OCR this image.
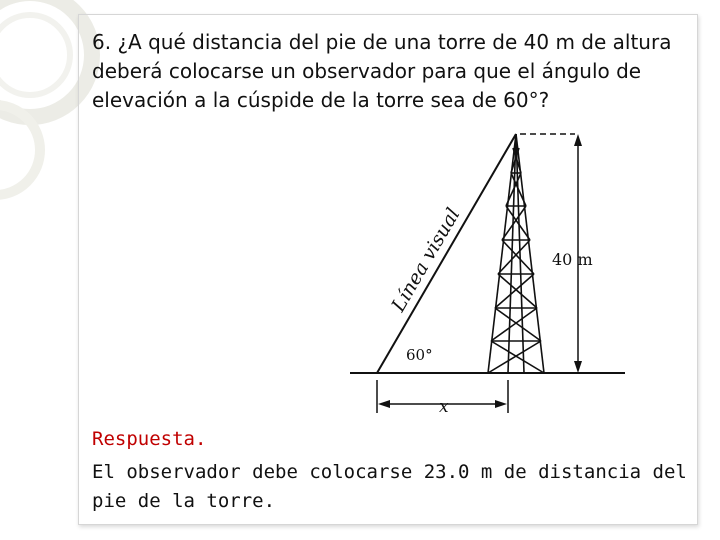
6. ¿A qué distancia del pie de una torre de 40 m de altura deberá colocarse un observador para que el ángulo de elevación a la cúspide de la torre sea de 60°?

Línea visual	40 m
60°
x

Respuesta.

El observador debe colocarse 23.0 m de distancia del pie de la torre.
